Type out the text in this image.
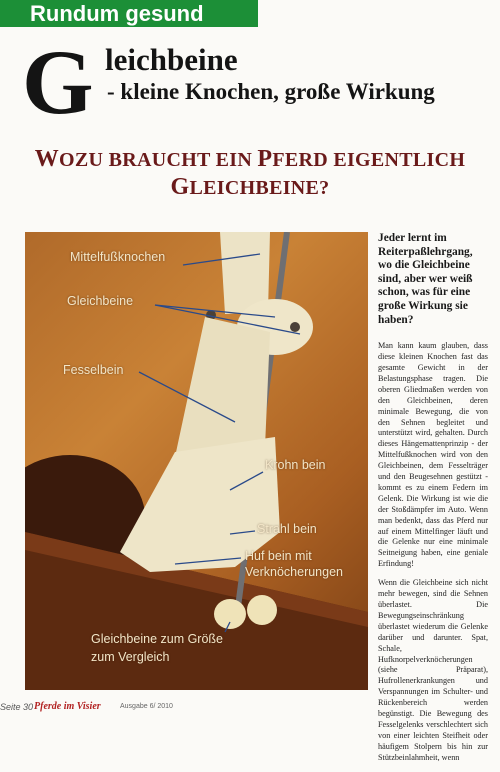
Rundum gesund
G leichbeine
- kleine Knochen, große Wirkung
WOZU BRAUCHT EIN PFERD EIGENTLICH
GLEICHBEINE?
Mittelfußknochen
Gleichbeine
Fesselbein
Krohn bein
Strahl bein
Huf bein mit
Verknöcherungen
Gleichbeine zum Größe
zum Vergleich

Jeder lernt im Reiterpaßlehrgang, wo die Gleichbeine sind, aber wer weiß schon, was für eine große Wirkung sie haben?

Man kann kaum glauben, dass diese kleinen Knochen fast das gesamte Gewicht in der Belastungsphase tragen. Die oberen Gliedmaßen werden von den Gleichbeinen, deren minimale Bewegung, die von den Sehnen begleitet und unterstützt wird, gehalten. Durch dieses Hängemattenprinzip - der Mittelfußknochen wird von den Gleichbeinen, dem Fesselträger und den Beugesehnen gestützt - kommt es zu einem Federn im Gelenk. Die Wirkung ist wie die der Stoßdämpfer im Auto. Wenn man bedenkt, dass das Pferd nur auf einem Mittelfinger läuft und die Gelenke nur eine minimale Seitneigung haben, eine geniale Erfindung!

Wenn die Gleichbeine sich nicht mehr bewegen, sind die Sehnen überlastet. Die Bewegungseinschränkung überlastet wiederum die Gelenke darüber und darunter. Spat, Schale, Hufknorpelverknöcherungen (siehe Präparat), Hufrollenerkrankungen und Verspannungen im Schulter- und Rückenbereich werden begünstigt. Die Bewegung des Fesselgelenks verschlechtert sich von einer leichten Steifheit oder häufigem Stolpern bis hin zur Stützbeinlahmheit, wenn

Seite 30 Pferde im Visier	Ausgabe 6/ 2010
